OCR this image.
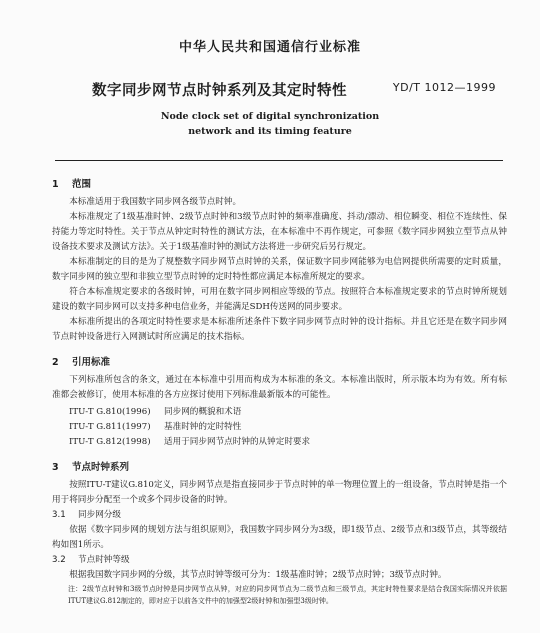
中华人民共和国通信行业标准
数字同步网节点时钟系列及其定时特性	YD/T 1012—1999
Node clock set of digital synchronization
network and its timing feature
1 范围

本标准适用于我国数字同步网各级节点时钟。

本标准规定了1级基准时钟、2级节点时钟和3级节点时钟的频率准确度、抖动/漂动、相位瞬变、相位不连续性、保持能力等定时特性。关于节点从钟定时特性的测试方法，在本标准中不再作规定，可参照《数字同步网独立型节点从钟设备技术要求及测试方法》。关于1级基准时钟的测试方法将进一步研究后另行规定。

本标准制定的目的是为了规整数字同步网节点时钟的关系，保证数字同步网能够为电信网提供所需要的定时质量，数字同步网的独立型和非独立型节点时钟的定时特性都应满足本标准所规定的要求。

符合本标准规定要求的各级时钟，可用在数字同步网相应等级的节点。按照符合本标准规定要求的节点时钟所规划建设的数字同步网可以支持多种电信业务，并能满足SDH传送网的同步要求。

本标准所提出的各项定时特性要求是本标准所述条件下数字同步网节点时钟的设计指标。并且它还是在数字同步网节点时钟设备进行入网测试时所应满足的技术指标。

2 引用标准

下列标准所包含的条文，通过在本标准中引用而构成为本标准的条文。本标准出版时，所示版本均为有效。所有标准都会被修订，使用本标准的各方应探讨使用下列标准最新版本的可能性。

ITU-T G.810(1996) 同步网的概貌和术语
ITU-T G.811(1997) 基准时钟的定时特性
ITU-T G.812(1998) 适用于同步网节点时钟的从钟定时要求
3 节点时钟系列

按照ITU-T建议G.810定义，同步网节点是指直接同步于节点时钟的单一物理位置上的一组设备，节点时钟是指一个用于将同步分配至一个或多个同步设备的时钟。

3.1 同步网分级

依据《数字同步网的规划方法与组织原则》，我国数字同步网分为3级，即1级节点、2级节点和3级节点，其等级结构如图1所示。

3.2 节点时钟等级

根据我国数字同步网的分级，其节点时钟等级可分为：1级基准时钟；2级节点时钟；3级节点时钟。

注：2级节点时钟和3级节点时钟是同步网节点从钟，对应的同步网节点为二级节点和三级节点，其定时特性要求是结合我国实际情况并依据ITUT建议G.812制定的，即对应于以前各文件中的加强型2级时钟和加强型3级时钟。
